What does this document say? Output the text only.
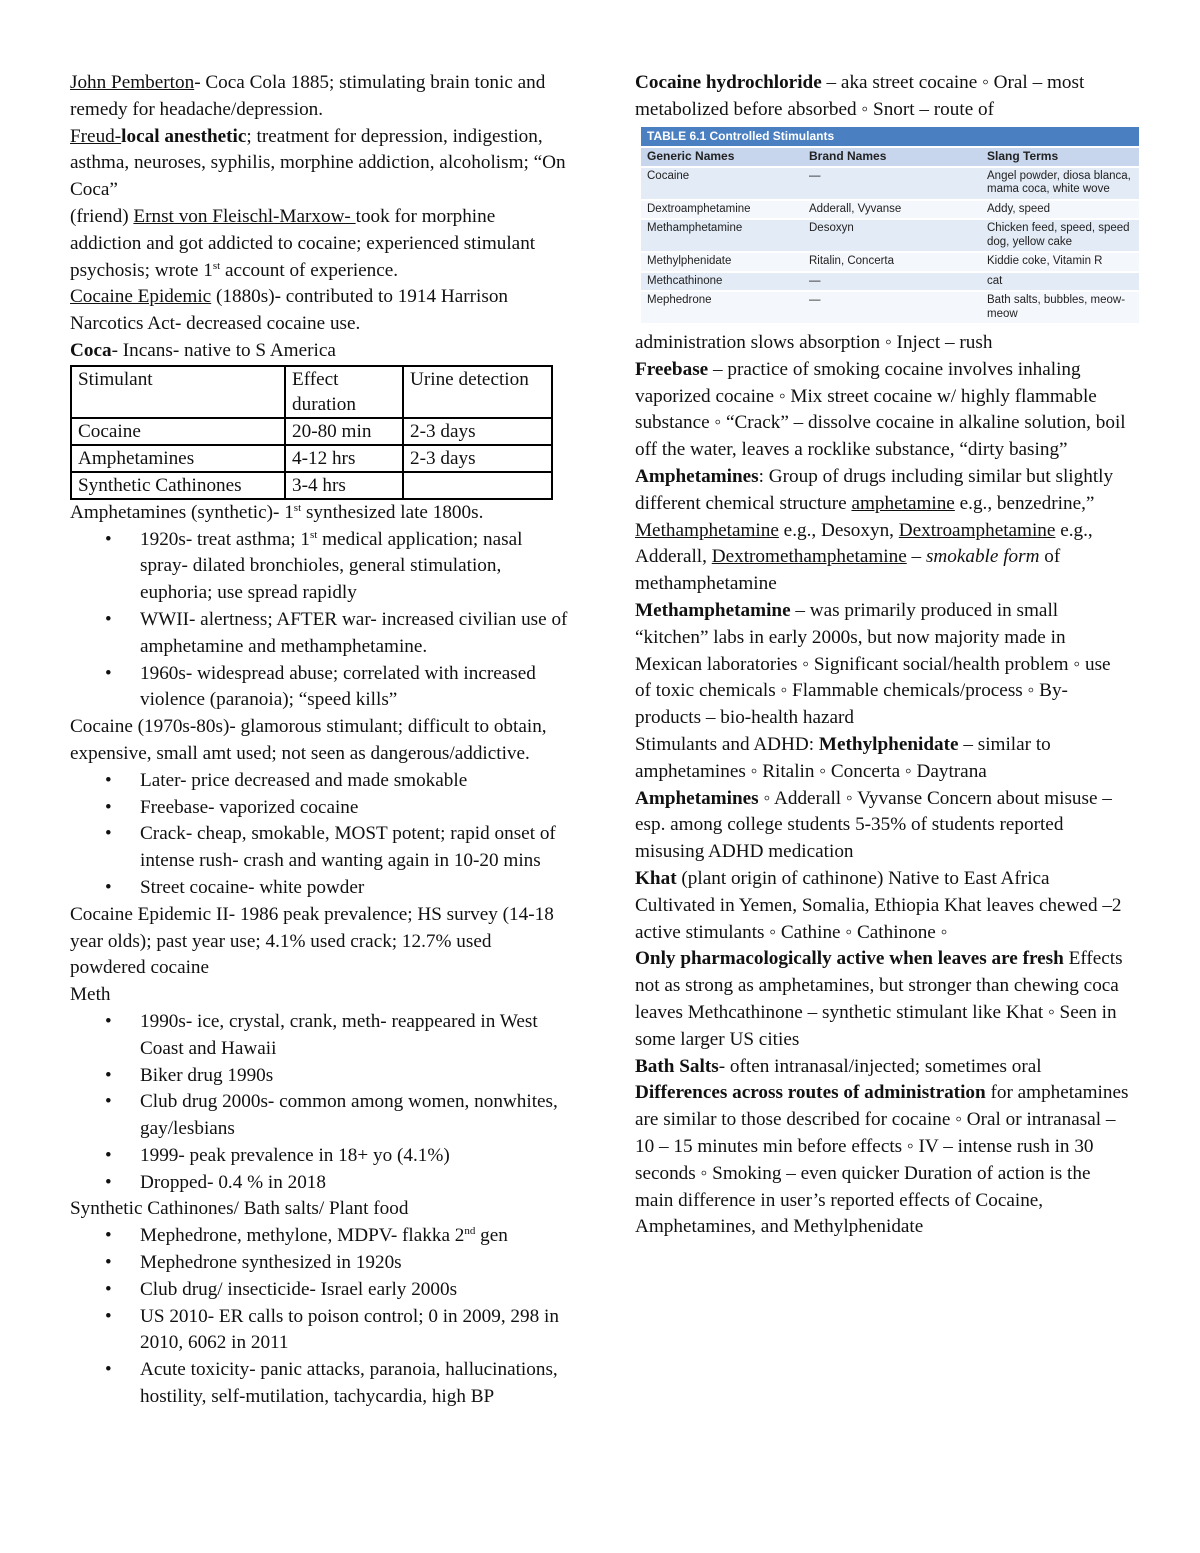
John Pemberton- Coca Cola 1885; stimulating brain tonic and remedy for headache/depression.

Freud-local anesthetic; treatment for depression, indigestion, asthma, neuroses, syphilis, morphine addiction, alcoholism; “On Coca”

(friend) Ernst von Fleischl-Marxow- took for morphine addiction and got addicted to cocaine; experienced stimulant psychosis; wrote 1st account of experience.

Cocaine Epidemic (1880s)- contributed to 1914 Harrison Narcotics Act- decreased cocaine use.

Coca- Incans- native to S America

Stimulant	Effect duration	Urine detection
Cocaine	20-80 min	2-3 days
Amphetamines	4-12 hrs	2-3 days
Synthetic Cathinones	3-4 hrs	

Amphetamines (synthetic)- 1st synthesized late 1800s.

• 1920s- treat asthma; 1st medical application; nasal spray- dilated bronchioles, general stimulation, euphoria; use spread rapidly
• WWII- alertness; AFTER war- increased civilian use of amphetamine and methamphetamine.
• 1960s- widespread abuse; correlated with increased violence (paranoia); “speed kills”

Cocaine (1970s-80s)- glamorous stimulant; difficult to obtain, expensive, small amt used; not seen as dangerous/addictive.

• Later- price decreased and made smokable
• Freebase- vaporized cocaine
• Crack- cheap, smokable, MOST potent; rapid onset of intense rush- crash and wanting again in 10-20 mins
• Street cocaine- white powder

Cocaine Epidemic II- 1986 peak prevalence; HS survey (14-18 year olds); past year use; 4.1% used crack; 12.7% used powdered cocaine

Meth

• 1990s- ice, crystal, crank, meth- reappeared in West Coast and Hawaii
• Biker drug 1990s
• Club drug 2000s- common among women, nonwhites, gay/lesbians
• 1999- peak prevalence in 18+ yo (4.1%)
• Dropped- 0.4 % in 2018

Synthetic Cathinones/ Bath salts/ Plant food

• Mephedrone, methylone, MDPV- flakka 2nd gen
• Mephedrone synthesized in 1920s
• Club drug/ insecticide- Israel early 2000s
• US 2010- ER calls to poison control; 0 in 2009, 298 in 2010, 6062 in 2011
• Acute toxicity- panic attacks, paranoia, hallucinations, hostility, self-mutilation, tachycardia, high BP

Cocaine hydrochloride – aka street cocaine ◦ Oral – most metabolized before absorbed ◦ Snort – route of

TABLE 6.1 Controlled Stimulants		
Generic Names	Brand Names	Slang Terms
Cocaine	—	Angel powder, diosa blanca, mama coca, white wove
Dextroamphetamine	Adderall, Vyvanse	Addy, speed
Methamphetamine	Desoxyn	Chicken feed, speed, speed dog, yellow cake
Methylphenidate	Ritalin, Concerta	Kiddie coke, Vitamin R
Methcathinone	—	cat
Mephedrone	—	Bath salts, bubbles, meow-meow

administration slows absorption ◦ Inject – rush

Freebase – practice of smoking cocaine involves inhaling vaporized cocaine ◦ Mix street cocaine w/ highly flammable substance ◦ “Crack” – dissolve cocaine in alkaline solution, boil off the water, leaves a rocklike substance, “dirty basing”

Amphetamines: Group of drugs including similar but slightly different chemical structure amphetamine e.g., benzedrine,” Methamphetamine e.g., Desoxyn, Dextroamphetamine e.g., Adderall, Dextromethamphetamine – smokable form of methamphetamine

Methamphetamine – was primarily produced in small “kitchen” labs in early 2000s, but now majority made in Mexican laboratories ◦ Significant social/health problem ◦ use of toxic chemicals ◦ Flammable chemicals/process ◦ By-products – bio-health hazard

Stimulants and ADHD: Methylphenidate – similar to amphetamines ◦ Ritalin ◦ Concerta ◦ Daytrana

Amphetamines ◦ Adderall ◦ Vyvanse Concern about misuse – esp. among college students 5-35% of students reported misusing ADHD medication

Khat (plant origin of cathinone) Native to East Africa Cultivated in Yemen, Somalia, Ethiopia Khat leaves chewed –2 active stimulants ◦ Cathine ◦ Cathinone ◦

Only pharmacologically active when leaves are fresh Effects not as strong as amphetamines, but stronger than chewing coca leaves Methcathinone – synthetic stimulant like Khat ◦ Seen in some larger US cities

Bath Salts- often intranasal/injected; sometimes oral

Differences across routes of administration for amphetamines are similar to those described for cocaine ◦ Oral or intranasal – 10 – 15 minutes min before effects ◦ IV – intense rush in 30 seconds ◦ Smoking – even quicker Duration of action is the main difference in user’s reported effects of Cocaine, Amphetamines, and Methylphenidate
